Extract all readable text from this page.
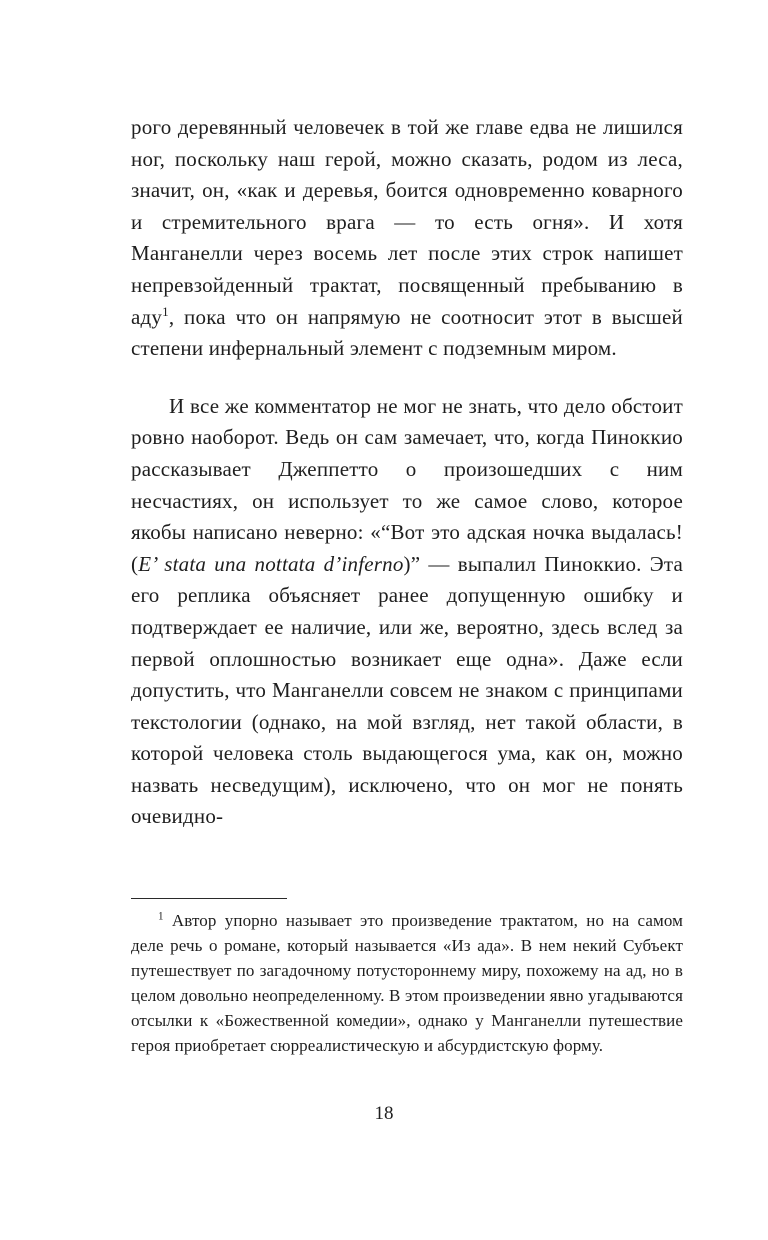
рого деревянный человечек в той же главе едва не лишился ног, поскольку наш герой, можно сказать, родом из леса, значит, он, «как и деревья, боится одновременно коварного и стремительного врага — то есть огня». И хотя Манганелли через восемь лет после этих строк напишет непревзойденный трактат, посвященный пребыванию в аду$^1$, пока что он напрямую не соотносит этот в высшей степени инфернальный элемент с подземным миром.

И все же комментатор не мог не знать, что дело обстоит ровно наоборот. Ведь он сам замечает, что, когда Пиноккио рассказывает Джеппетто о произошедших с ним несчастиях, он использует то же самое слово, которое якобы написано неверно: «“Вот это адская ночка выдалась! (E’ stata una nottata d’inferno)” — выпалил Пиноккио. Эта его реплика объясняет ранее допущенную ошибку и подтверждает ее наличие, или же, вероятно, здесь вслед за первой оплошностью возникает еще одна». Даже если допустить, что Манганелли совсем не знаком с принципами текстологии (однако, на мой взгляд, нет такой области, в которой человека столь выдающегося ума, как он, можно назвать несведущим), исключено, что он мог не понять очевидно-

$^1$ Автор упорно называет это произведение трактатом, но на самом деле речь о романе, который называется «Из ада». В нем некий Субъект путешествует по загадочному потустороннему миру, похожему на ад, но в целом довольно неопределенному. В этом произведении явно угадываются отсылки к «Божественной комедии», однако у Манганелли путешествие героя приобретает сюрреалистическую и абсурдистскую форму.

18
